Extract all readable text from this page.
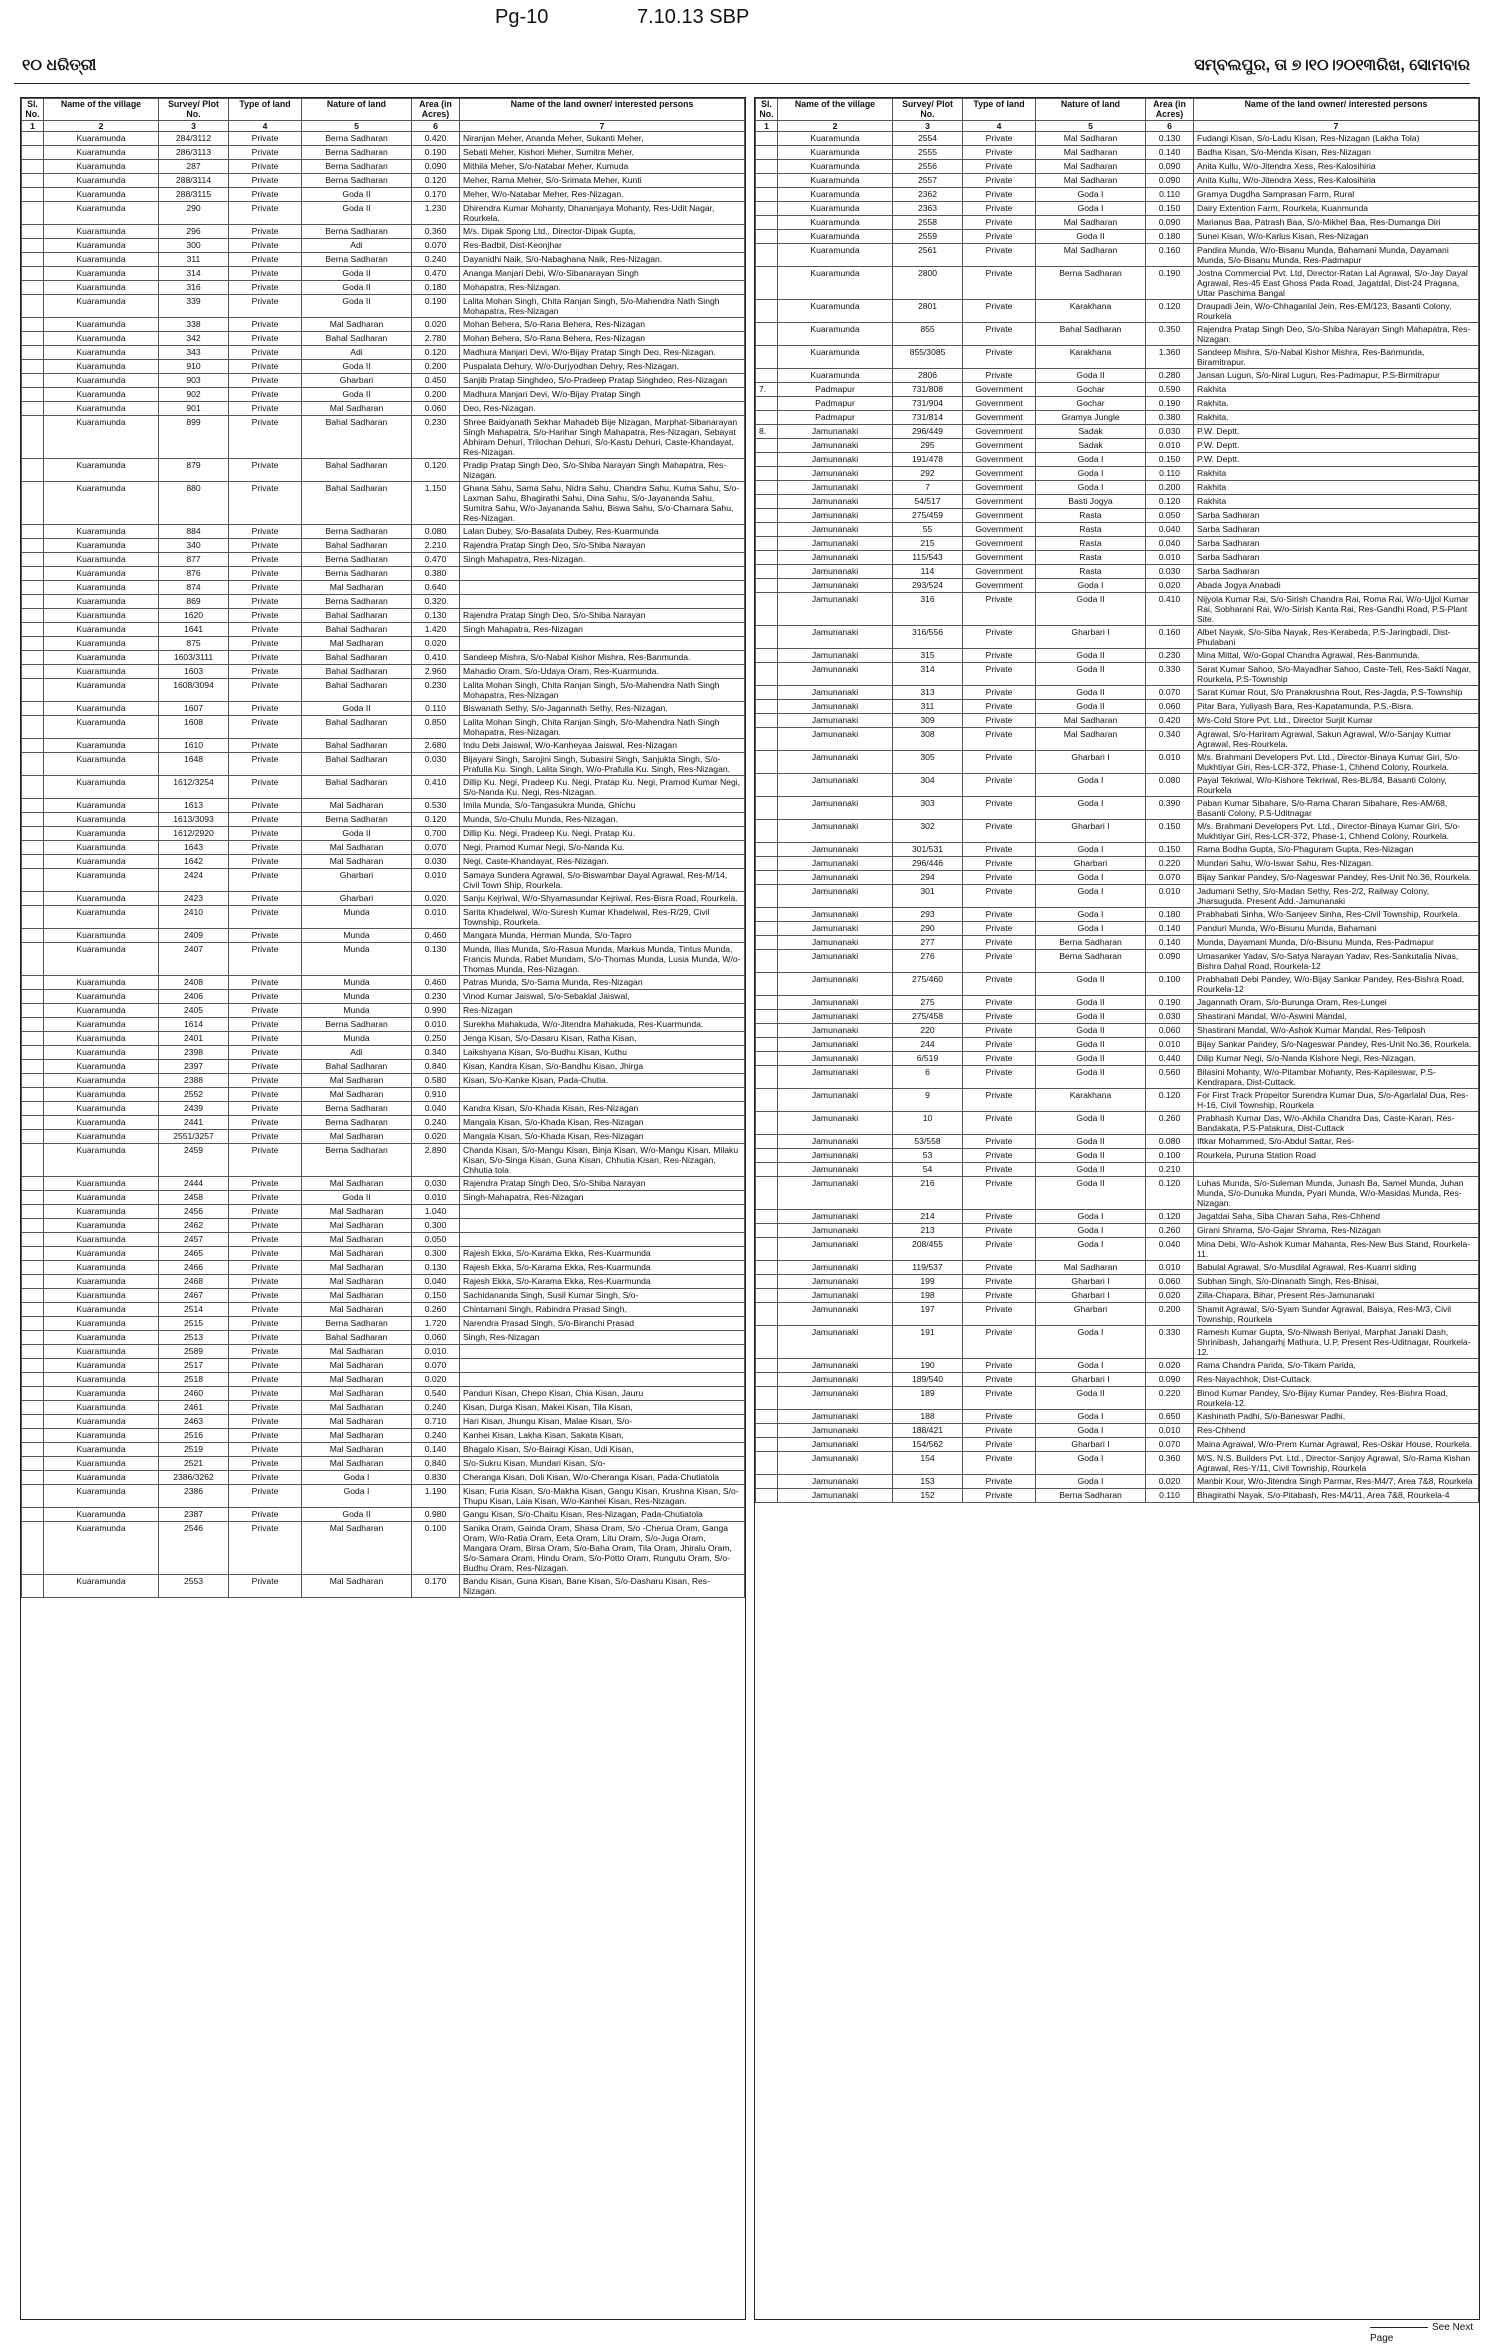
Pg-10	7.10.13 SBP
୧୦ ଧରିତ୍ରୀ	ସମ୍ବଲପୁର, ତା ୭।୧୦।୨୦୧୩ରିଖ, ସୋମବାର
Sl. No.	Name of the village	Survey/ Plot No.	Type of land	Nature of land	Area (in Acres)	Name of the land owner/ interested persons
1	2	3	4	5	6	7
	Kuaramunda	284/3112	Private	Berna Sadharan	0.420	Niranjan Meher, Ananda Meher, Sukanti Meher,
	Kuaramunda	286/3113	Private	Berna Sadharan	0.190	Sebati Meher, Kishori Meher, Sumitra Meher,
	Kuaramunda	287	Private	Berna Sadharan	0.090	Mithila Meher, S/o-Natabar Meher, Kumuda
	Kuaramunda	288/3114	Private	Berna Sadharan	0.120	Meher, Rama Meher, S/o-Srimata Meher, Kunti
	Kuaramunda	288/3115	Private	Goda II	0.170	Meher, W/o-Natabar Meher, Res-Nizagan.
	Kuaramunda	290	Private	Goda II	1.230	Dhirendra Kumar Mohanty, Dhananjaya Mohanty, Res-Udit Nagar, Rourkela.
	Kuaramunda	296	Private	Berna Sadharan	0.360	M/s. Dipak Spong Ltd., Director-Dipak Gupta,
	Kuaramunda	300	Private	Adi	0.070	Res-Badbil, Dist-Keonjhar
	Kuaramunda	311	Private	Berna Sadharan	0.240	Dayanidhi Naik, S/o-Nabaghana Naik, Res-Nizagan.
	Kuaramunda	314	Private	Goda II	0.470	Ananga Manjari Debi, W/o-Sibanarayan Singh
	Kuaramunda	316	Private	Goda II	0.180	Mohapatra, Res-Nizagan.
	Kuaramunda	339	Private	Goda II	0.190	Lalita Mohan Singh, Chita Ranjan Singh, S/o-Mahendra Nath Singh Mohapatra, Res-Nizagan
	Kuaramunda	338	Private	Mal Sadharan	0.020	Mohan Behera, S/o-Rana Behera, Res-Nizagan
	Kuaramunda	342	Private	Bahal Sadharan	2.780	Mohan Behera, S/o-Rana Behera, Res-Nizagan
	Kuaramunda	343	Private	Adi	0.120	Madhura Manjari Devi, W/o-Bijay Pratap Singh Deo, Res-Nizagan.
	Kuaramunda	910	Private	Goda II	0.200	Puspalata Dehury, W/o-Durjyodhan Dehry, Res-Nizagan.
	Kuaramunda	903	Private	Gharbari	0.450	Sanjib Pratap Singhdeo, S/o-Pradeep Pratap Singhdeo, Res-Nizagan
	Kuaramunda	902	Private	Goda II	0.200	Madhura Manjari Devi, W/o-Bijay Pratap Singh
	Kuaramunda	901	Private	Mal Sadharan	0.060	Deo, Res-Nizagan.
	Kuaramunda	899	Private	Bahal Sadharan	0.230	Shree Baidyanath Sekhar Mahadeb Bije Nizagan, Marphat-Sibanarayan Singh Mahapatra, S/o-Harihar Singh Mahapatra, Res-Nizagan, Sebayat Abhiram Dehuri, Trilochan Dehuri, S/o-Kastu Dehuri, Caste-Khandayat, Res-Nizagan.
	Kuaramunda	879	Private	Bahal Sadharan	0.120	Pradip Pratap Singh Deo, S/o-Shiba Narayan Singh Mahapatra, Res-Nizagan.
	Kuaramunda	880	Private	Bahal Sadharan	1.150	Ghana Sahu, Sama Sahu, Nidra Sahu, Chandra Sahu, Kuma Sahu, S/o-Laxman Sahu, Bhagirathi Sahu, Dina Sahu, S/o-Jayananda Sahu, Sumitra Sahu, W/o-Jayananda Sahu, Biswa Sahu, S/o-Chamara Sahu, Res-Nizagan.
	Kuaramunda	884	Private	Berna Sadharan	0.080	Lalan Dubey, S/o-Basalata Dubey, Res-Kuarmunda
	Kuaramunda	340	Private	Bahal Sadharan	2.210	Rajendra Pratap Singh Deo, S/o-Shiba Narayan
	Kuaramunda	877	Private	Berna Sadharan	0.470	Singh Mahapatra, Res-Nizagan.
	Kuaramunda	876	Private	Berna Sadharan	0.380	
	Kuaramunda	874	Private	Mal Sadharan	0.640	
	Kuaramunda	869	Private	Berna Sadharan	0.320	
	Kuaramunda	1620	Private	Bahal Sadharan	0.130	Rajendra Pratap Singh Deo, S/o-Shiba Narayan
	Kuaramunda	1641	Private	Bahal Sadharan	1.420	Singh Mahapatra, Res-Nizagan
	Kuaramunda	875	Private	Mal Sadharan	0.020	
	Kuaramunda	1603/3111	Private	Bahal Sadharan	0.410	Sandeep Mishra, S/o-Nabal Kishor Mishra, Res-Banmunda.
	Kuaramunda	1603	Private	Bahal Sadharan	2.960	Mahadio Oram, S/o-Udaya Oram, Res-Kuarmunda.
	Kuaramunda	1608/3094	Private	Bahal Sadharan	0.230	Lalita Mohan Singh, Chita Ranjan Singh, S/o-Mahendra Nath Singh Mohapatra, Res-Nizagan
	Kuaramunda	1607	Private	Goda II	0.110	Biswanath Sethy, S/o-Jagannath Sethy, Res-Nizagan.
	Kuaramunda	1608	Private	Bahal Sadharan	0.850	Lalita Mohan Singh, Chita Ranjan Singh, S/o-Mahendra Nath Singh Mohapatra, Res-Nizagan.
	Kuaramunda	1610	Private	Bahal Sadharan	2.680	Indu Debi Jaiswal, W/o-Kanheyaa Jaiswal, Res-Nizagan
	Kuaramunda	1648	Private	Bahal Sadharan	0.030	Bijayani Singh, Sarojini Singh, Subasini Singh, Sanjukta Singh, S/o-Prafulla Ku. Singh, Lalita Singh, W/o-Prafulla Ku. Singh, Res-Nizagan.
	Kuaramunda	1612/3254	Private	Bahal Sadharan	0.410	Dillip Ku. Negi, Pradeep Ku. Negi, Pratap Ku. Negi, Pramod Kumar Negi, S/o-Nanda Ku. Negi, Res-Nizagan.
	Kuaramunda	1613	Private	Mal Sadharan	0.530	Imila Munda, S/o-Tangasukra Munda, Ghichu
	Kuaramunda	1613/3093	Private	Berna Sadharan	0.120	Munda, S/o-Chulu Munda, Res-Nizagan.
	Kuaramunda	1612/2920	Private	Goda II	0.700	Dillip Ku. Negi, Pradeep Ku. Negi, Pratap Ku.
	Kuaramunda	1643	Private	Mal Sadharan	0.070	Negi, Pramod Kumar Negi, S/o-Nanda Ku.
	Kuaramunda	1642	Private	Mal Sadharan	0.030	Negi, Caste-Khandayat, Res-Nizagan.
	Kuaramunda	2424	Private	Gharbari	0.010	Samaya Sundera Agrawal, S/o-Biswambar Dayal Agrawal, Res-M/14, Civil Town Ship, Rourkela.
	Kuaramunda	2423	Private	Gharbari	0.020	Sanju Kejriwal, W/o-Shyamasundar Kejriwal, Res-Bisra Road, Rourkela.
	Kuaramunda	2410	Private	Munda	0.010	Sarita Khadelwal, W/o-Suresh Kumar Khadelwal, Res-R/29, Civil Township, Rourkela.
	Kuaramunda	2409	Private	Munda	0.460	Mangara Munda, Herman Munda, S/o-Tapro
	Kuaramunda	2407	Private	Munda	0.130	Munda, Ilias Munda, S/o-Rasua Munda, Markus Munda, Tintus Munda, Francis Munda, Rabet Mundam, S/o-Thomas Munda, Lusia Munda, W/o-Thomas Munda, Res-Nizagan.
	Kuaramunda	2408	Private	Munda	0.460	Patras Munda, S/o-Sama Munda, Res-Nizagan
	Kuaramunda	2406	Private	Munda	0.230	Vinod Kumar Jaiswal, S/o-Sebaklal Jaiswal,
	Kuaramunda	2405	Private	Munda	0.990	Res-Nizagan
	Kuaramunda	1614	Private	Berna Sadharan	0.010	Surekha Mahakuda, W/o-Jitendra Mahakuda, Res-Kuarmunda.
	Kuaramunda	2401	Private	Munda	0.250	Jenga Kisan, S/o-Dasaru Kisan, Ratha Kisan,
	Kuaramunda	2398	Private	Adi	0.340	Laikshyana Kisan, S/o-Budhu Kisan, Kuthu
	Kuaramunda	2397	Private	Bahal Sadharan	0.840	Kisan, Kandra Kisan, S/o-Bandhu Kisan, Jhirga
	Kuaramunda	2388	Private	Mal Sadharan	0.580	Kisan, S/o-Kanke Kisan, Pada-Chutia.
	Kuaramunda	2552	Private	Mal Sadharan	0.910	
	Kuaramunda	2439	Private	Berna Sadharan	0.040	Kandra Kisan, S/o-Khada Kisan, Res-Nizagan
	Kuaramunda	2441	Private	Berna Sadharan	0.240	Mangala Kisan, S/o-Khada Kisan, Res-Nizagan
	Kuaramunda	2551/3257	Private	Mal Sadharan	0.020	Mangala Kisan, S/o-Khada Kisan, Res-Nizagan
	Kuaramunda	2459	Private	Berna Sadharan	2.890	Chanda Kisan, S/o-Mangu Kisan, Binja Kisan, W/o-Mangu Kisan, Milaku Kisan, S/o-Singa Kisan, Guna Kisan, Chhutia Kisan, Res-Nizagan, Chhutia tola
	Kuaramunda	2444	Private	Mal Sadharan	0.030	Rajendra Pratap Singh Deo, S/o-Shiba Narayan
	Kuaramunda	2458	Private	Goda II	0.010	Singh-Mahapatra, Res-Nizagan
	Kuaramunda	2456	Private	Mal Sadharan	1.040	
	Kuaramunda	2462	Private	Mal Sadharan	0.300	
	Kuaramunda	2457	Private	Mal Sadharan	0.050	
	Kuaramunda	2465	Private	Mal Sadharan	0.300	Rajesh Ekka, S/o-Karama Ekka, Res-Kuarmunda
	Kuaramunda	2466	Private	Mal Sadharan	0.130	Rajesh Ekka, S/o-Karama Ekka, Res-Kuarmunda
	Kuaramunda	2468	Private	Mal Sadharan	0.040	Rajesh Ekka, S/o-Karama Ekka, Res-Kuarmunda
	Kuaramunda	2467	Private	Mal Sadharan	0.150	Sachidananda Singh, Susil Kumar Singh, S/o-
	Kuaramunda	2514	Private	Mal Sadharan	0.260	Chintamani Singh, Rabindra Prasad Singh,
	Kuaramunda	2515	Private	Berna Sadharan	1.720	Narendra Prasad Singh, S/o-Biranchi Prasad
	Kuaramunda	2513	Private	Bahal Sadharan	0.060	Singh, Res-Nizagan
	Kuaramunda	2589	Private	Mal Sadharan	0.010	
	Kuaramunda	2517	Private	Mal Sadharan	0.070	
	Kuaramunda	2518	Private	Mal Sadharan	0.020	
	Kuaramunda	2460	Private	Mal Sadharan	0.540	Panduri Kisan, Chepo Kisan, Chia Kisan, Jauru
	Kuaramunda	2461	Private	Mal Sadharan	0.240	Kisan, Durga Kisan, Makei Kisan, Tila Kisan,
	Kuaramunda	2463	Private	Mal Sadharan	0.710	Hari Kisan, Jhungu Kisan, Malae Kisan, S/o-
	Kuaramunda	2516	Private	Mal Sadharan	0.240	Kanhei Kisan, Lakha Kisan, Sakata Kisan,
	Kuaramunda	2519	Private	Mal Sadharan	0.140	Bhagalo Kisan, S/o-Bairagi Kisan, Udi Kisan,
	Kuaramunda	2521	Private	Mal Sadharan	0.840	S/o-Sukru Kisan, Mundari Kisan, S/o-
	Kuaramunda	2386/3262	Private	Goda I	0.830	Cheranga Kisan, Doli Kisan, W/o-Cheranga Kisan, Pada-Chutiatola
	Kuaramunda	2386	Private	Goda I	1.190	Kisan, Furia Kisan, S/o-Makha Kisan, Gangu Kisan, Krushna Kisan, S/o-Thupu Kisan, Laia Kisan, W/o-Kanhei Kisan, Res-Nizagan.
	Kuaramunda	2387	Private	Goda II	0.980	Gangu Kisan, S/o-Chaitu Kisan, Res-Nizagan, Pada-Chutiatola
	Kuaramunda	2546	Private	Mal Sadharan	0.100	Sanika Oram, Gainda Oram, Shasa Oram, S/o -Cherua Oram, Ganga Oram, W/o-Ratia Oram, Eeta Oram, Litu Oram, S/o-Juga Oram, Mangara Oram, Birsa Oram, S/o-Baha Oram, Tila Oram, Jhiralu Oram, S/o-Samara Oram, Hindu Oram, S/o-Potto Oram, Rungutu Oram, S/o-Budhu Oram, Res-Nizagan.
	Kuaramunda	2553	Private	Mal Sadharan	0.170	Bandu Kisan, Guna Kisan, Bane Kisan, S/o-Dasharu Kisan, Res-Nizagan.
Sl. No.	Name of the village	Survey/ Plot No.	Type of land	Nature of land	Area (in Acres)	Name of the land owner/ interested persons
1	2	3	4	5	6	7
	Kuaramunda	2554	Private	Mal Sadharan	0.130	Fudangi Kisan, S/o-Ladu Kisan, Res-Nizagan (Lakha Tola)
	Kuaramunda	2555	Private	Mal Sadharan	0.140	Badha Kisan, S/o-Menda Kisan, Res-Nizagan
	Kuaramunda	2556	Private	Mal Sadharan	0.090	Anita Kullu, W/o-Jitendra Xess, Res-Kalosihiria
	Kuaramunda	2557	Private	Mal Sadharan	0.090	Anita Kullu, W/o-Jitendra Xess, Res-Kalosihiria
	Kuaramunda	2362	Private	Goda I	0.110	Gramya Dugdha Samprasan Farm, Rural
	Kuaramunda	2363	Private	Goda I	0.150	Dairy Extention Farm, Rourkela, Kuanmunda
	Kuaramunda	2558	Private	Mal Sadharan	0.090	Marianus Baa, Patrash Baa, S/o-Mikhel Baa, Res-Dumanga Diri
	Kuaramunda	2559	Private	Goda II	0.180	Sunei Kisan, W/o-Karlus Kisan, Res-Nizagan
	Kuaramunda	2561	Private	Mal Sadharan	0.160	Pandira Munda, W/o-Bisanu Munda, Bahamani Munda, Dayamani Munda, S/o-Bisanu Munda, Res-Padmapur
	Kuaramunda	2800	Private	Berna Sadharan	0.190	Jostna Commercial Pvt. Ltd, Director-Ratan Lal Agrawal, S/o-Jay Dayal Agrawal, Res-45 East Ghoss Pada Road, Jagatdal, Dist-24 Pragana, Uttar Paschima Bangal
	Kuaramunda	2801	Private	Karakhana	0.120	Draupadi Jein, W/o-Chhaganlal Jein, Res-EM/123, Basanti Colony, Rourkela
	Kuaramunda	855	Private	Bahal Sadharan	0.350	Rajendra Pratap Singh Deo, S/o-Shiba Narayan Singh Mahapatra, Res-Nizagan.
	Kuaramunda	855/3085	Private	Karakhana	1.360	Sandeep Mishra, S/o-Nabal Kishor Mishra, Res-Banmunda, Biramitrapur.
	Kuaramunda	2806	Private	Goda II	0.280	Jansan Lugun, S/o-Niral Lugun, Res-Padmapur, P.S-Birmitrapur
7.	Padmapur	731/808	Government	Gochar	0.590	Rakhita
	Padmapur	731/904	Government	Gochar	0.190	Rakhita.
	Padmapur	731/814	Government	Gramya Jungle	0.380	Rakhita.
8.	Jamunanaki	296/449	Government	Sadak	0.030	P.W. Deptt.
	Jamunanaki	295	Government	Sadak	0.010	P.W. Deptt.
	Jamunanaki	191/478	Government	Goda I	0.150	P.W. Deptt.
	Jamunanaki	292	Government	Goda I	0.110	Rakhita
	Jamunanaki	7	Government	Goda I	0.200	Rakhita
	Jamunanaki	54/517	Government	Basti Jogya	0.120	Rakhita
	Jamunanaki	275/459	Government	Rasta	0.050	Sarba Sadharan
	Jamunanaki	55	Government	Rasta	0.040	Sarba Sadharan
	Jamunanaki	215	Government	Rasta	0.040	Sarba Sadharan
	Jamunanaki	115/543	Government	Rasta	0.010	Sarba Sadharan
	Jamunanaki	114	Government	Rasta	0.030	Sarba Sadharan
	Jamunanaki	293/524	Government	Goda I	0.020	Abada Jogya Anabadi
	Jamunanaki	316	Private	Goda II	0.410	Nijyola Kumar Rai, S/o-Sirish Chandra Rai, Roma Rai, W/o-Ujjol Kumar Rai, Sobharani Rai, W/o-Sirish Kanta Rai, Res-Gandhi Road, P.S-Plant Site.
	Jamunanaki	316/556	Private	Gharbari I	0.160	Albet Nayak, S/o-Siba Nayak, Res-Kerabeda, P.S-Jaringbadi, Dist-Phulabani
	Jamunanaki	315	Private	Goda II	0.230	Mina Mittal, W/o-Gopal Chandra Agrawal, Res-Banmunda.
	Jamunanaki	314	Private	Goda II	0.330	Sarat Kumar Sahoo, S/o-Mayadhar Sahoo, Caste-Teli, Res-Sakti Nagar, Rourkela, P.S-Township
	Jamunanaki	313	Private	Goda II	0.070	Sarat Kumar Rout, S/o Pranakrushna Rout, Res-Jagda, P.S-Township
	Jamunanaki	311	Private	Goda II	0.060	Pitar Bara, Yuliyash Bara, Res-Kapatamunda, P.S.-Bisra.
	Jamunanaki	309	Private	Mal Sadharan	0.420	M/s-Cold Store Pvt. Ltd., Director Surjit Kumar
	Jamunanaki	308	Private	Mal Sadharan	0.340	Agrawal, S/o-Hariram Agrawal, Sakun Agrawal, W/o-Sanjay Kumar Agrawal, Res-Rourkela.
	Jamunanaki	305	Private	Gharbari I	0.010	M/s. Brahmani Developers Pvt. Ltd., Director-Binaya Kumar Giri, S/o-Mukhtiyar Giri, Res-LCR-372, Phase-1, Chhend Colony, Rourkela.
	Jamunanaki	304	Private	Goda I	0.080	Payal Tekriwal, W/o-Kishore Tekriwal, Res-BL/84, Basanti Colony, Rourkela
	Jamunanaki	303	Private	Goda I	0.390	Paban Kumar Sibahare, S/o-Rama Charan Sibahare, Res-AM/68, Basanti Colony, P.S-Uditnagar
	Jamunanaki	302	Private	Gharbari I	0.150	M/s. Brahmani Developers Pvt. Ltd., Director-Binaya Kumar Giri, S/o-Mukhtiyar Giri, Res-LCR-372, Phase-1, Chhend Colony, Rourkela.
	Jamunanaki	301/531	Private	Goda I	0.150	Rama Bodha Gupta, S/o-Phaguram Gupta, Res-Nizagan
	Jamunanaki	296/446	Private	Gharbari	0.220	Mundari Sahu, W/o-Iswar Sahu, Res-Nizagan.
	Jamunanaki	294	Private	Goda I	0.070	Bijay Sankar Pandey, S/o-Nageswar Pandey, Res-Unit No.36, Rourkela.
	Jamunanaki	301	Private	Goda I	0.010	Jadumani Sethy, S/o-Madan Sethy, Res-2/2, Railway Colony, Jharsuguda. Present Add.-Jamunanaki
	Jamunanaki	293	Private	Goda I	0.180	Prabhabati Sinha, W/o-Sanjeev Sinha, Res-Civil Township, Rourkela.
	Jamunanaki	290	Private	Goda I	0.140	Panduri Munda, W/o-Bisunu Munda, Bahamani
	Jamunanaki	277	Private	Berna Sadharan	0.140	Munda, Dayamani Munda, D/o-Bisunu Munda, Res-Padmapur
	Jamunanaki	276	Private	Berna Sadharan	0.090	Umasanker Yadav, S/o-Satya Narayan Yadav, Res-Sankutalia Nivas, Bishra Dahal Road, Rourkela-12
	Jamunanaki	275/460	Private	Goda II	0.100	Prabhabati Debi Pandey, W/o-Bijay Sankar Pandey, Res-Bishra Road, Rourkela-12
	Jamunanaki	275	Private	Goda II	0.190	Jagannath Oram, S/o-Burunga Oram, Res-Lungei
	Jamunanaki	275/458	Private	Goda II	0.030	Shastirani Mandal, W/o-Aswini Mandal,
	Jamunanaki	220	Private	Goda II	0.060	Shastirani Mandal, W/o-Ashok Kumar Mandal, Res-Teliposh
	Jamunanaki	244	Private	Goda II	0.010	Bijay Sankar Pandey, S/o-Nageswar Pandey, Res-Unit No.36, Rourkela.
	Jamunanaki	6/519	Private	Goda II	0.440	Dilip Kumar Negi, S/o-Nanda Kishore Negi, Res-Nizagan.
	Jamunanaki	6	Private	Goda II	0.560	Bilasini Mohanty, W/o-Pitambar Mohanty, Res-Kapileswar, P.S-Kendrapara, Dist-Cuttack.
	Jamunanaki	9	Private	Karakhana	0.120	For First Track Propeitor Surendra Kumar Dua, S/o-Agarlalal Dua, Res-H-16, Civil Township, Rourkela
	Jamunanaki	10	Private	Goda II	0.260	Prabhash Kumar Das, W/o-Akhila Chandra Das, Caste-Karan, Res-Bandakata, P.S-Patakura, Dist-Cuttack
	Jamunanaki	53/558	Private	Goda II	0.080	Iftkar Mohammed, S/o-Abdul Sattar, Res-
	Jamunanaki	53	Private	Goda II	0.100	Rourkela, Puruna Station Road
	Jamunanaki	54	Private	Goda II	0.210	
	Jamunanaki	216	Private	Goda II	0.120	Luhas Munda, S/o-Suleman Munda, Junash Ba, Samel Munda, Juhan Munda, S/o-Dunuka Munda, Pyari Munda, W/o-Masidas Munda, Res-Nizagan.
	Jamunanaki	214	Private	Goda I	0.120	Jagatdai Saha, Siba Charan Saha, Res-Chhend
	Jamunanaki	213	Private	Goda I	0.260	Girani Shrama, S/o-Gajar Shrama, Res-Nizagan
	Jamunanaki	208/455	Private	Goda I	0.040	Mina Debi, W/o-Ashok Kumar Mahanta, Res-New Bus Stand, Rourkela-11.
	Jamunanaki	119/537	Private	Mal Sadharan	0.010	Babulal Agrawal, S/o-Musdilal Agrawal, Res-Kuanri siding
	Jamunanaki	199	Private	Gharbari I	0.060	Subhan Singh, S/o-Dinanath Singh, Res-Bhisai,
	Jamunanaki	198	Private	Gharbari I	0.020	Zilla-Chapara, Bihar, Present Res-Jamunanaki
	Jamunanaki	197	Private	Gharbari	0.200	Shamit Agrawal, S/o-Syam Sundar Agrawal, Baisya, Res-M/3, Civil Township, Rourkela
	Jamunanaki	191	Private	Goda I	0.330	Ramesh Kumar Gupta, S/o-Niwash Beriyal, Marphat Janaki Dash, Shrinibash, Jahangarhj Mathura, U.P, Present Res-Uditnagar, Rourkela-12.
	Jamunanaki	190	Private	Goda I	0.020	Rama Chandra Parida, S/o-Tikam Parida,
	Jamunanaki	189/540	Private	Gharbari I	0.090	Res-Nayachhok, Dist-Cuttack
	Jamunanaki	189	Private	Goda II	0.220	Binod Kumar Pandey, S/o-Bijay Kumar Pandey, Res-Bishra Road, Rourkela-12.
	Jamunanaki	188	Private	Goda I	0.650	Kashinath Padhi, S/o-Baneswar Padhi,
	Jamunanaki	188/421	Private	Goda I	0.010	Res-Chhend
	Jamunanaki	154/562	Private	Gharbari I	0.070	Maina Agrawal, W/o-Prem Kumar Agrawal, Res-Oskar House, Rourkela.
	Jamunanaki	154	Private	Goda I	0.360	M/S. N.S. Builders Pvt. Ltd., Director-Sanjoy Agrawal, S/o-Rama Kishan Agrawal, Res-Y/11, Civil Township, Rourkela
	Jamunanaki	153	Private	Goda I	0.020	Manbir Kour, W/o-Jitendra Singh Parmar, Res-M4/7, Area 7&8, Rourkela
	Jamunanaki	152	Private	Berna Sadharan	0.110	Bhagirathi Nayak, S/o-Pitabash, Res-M4/11, Area 7&8, Rourkela-4
See Next Page
